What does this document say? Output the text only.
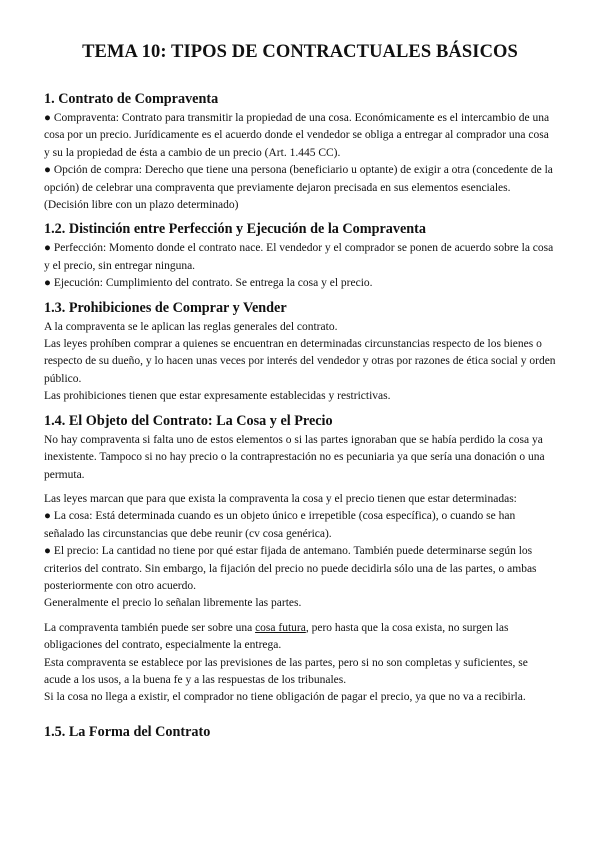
TEMA 10: TIPOS DE CONTRACTUALES BÁSICOS
1. Contrato de Compraventa

● Compraventa: Contrato para transmitir la propiedad de una cosa. Económicamente es el intercambio de una cosa por un precio. Jurídicamente es el acuerdo donde el vendedor se obliga a entregar al comprador una cosa y su la propiedad de ésta a cambio de un precio (Art. 1.445 CC).

● Opción de compra: Derecho que tiene una persona (beneficiario u optante) de exigir a otra (concedente de la opción) de celebrar una compraventa que previamente dejaron precisada en sus elementos esenciales. (Decisión libre con un plazo determinado)

1.2. Distinción entre Perfección y Ejecución de la Compraventa

● Perfección: Momento donde el contrato nace. El vendedor y el comprador se ponen de acuerdo sobre la cosa y el precio, sin entregar ninguna.

● Ejecución: Cumplimiento del contrato. Se entrega la cosa y el precio.

1.3. Prohibiciones de Comprar y Vender

A la compraventa se le aplican las reglas generales del contrato.

Las leyes prohíben comprar a quienes se encuentran en determinadas circunstancias respecto de los bienes o respecto de su dueño, y lo hacen unas veces por interés del vendedor y otras por razones de ética social y orden público.

Las prohibiciones tienen que estar expresamente establecidas y restrictivas.

1.4. El Objeto del Contrato: La Cosa y el Precio

No hay compraventa si falta uno de estos elementos o si las partes ignoraban que se había perdido la cosa ya inexistente. Tampoco si no hay precio o la contraprestación no es pecuniaria ya que sería una donación o una permuta.

Las leyes marcan que para que exista la compraventa la cosa y el precio tienen que estar determinadas:

● La cosa: Está determinada cuando es un objeto único e irrepetible (cosa específica), o cuando se han señalado las circunstancias que debe reunir (cv cosa genérica).

● El precio: La cantidad no tiene por qué estar fijada de antemano. También puede determinarse según los criterios del contrato. Sin embargo, la fijación del precio no puede decidirla sólo una de las partes, o ambas posteriormente con otro acuerdo.

Generalmente el precio lo señalan libremente las partes.

La compraventa también puede ser sobre una cosa futura, pero hasta que la cosa exista, no surgen las obligaciones del contrato, especialmente la entrega.

Esta compraventa se establece por las previsiones de las partes, pero si no son completas y suficientes, se acude a los usos, a la buena fe y a las respuestas de los tribunales.

Si la cosa no llega a existir, el comprador no tiene obligación de pagar el precio, ya que no va a recibirla.

1.5. La Forma del Contrato
